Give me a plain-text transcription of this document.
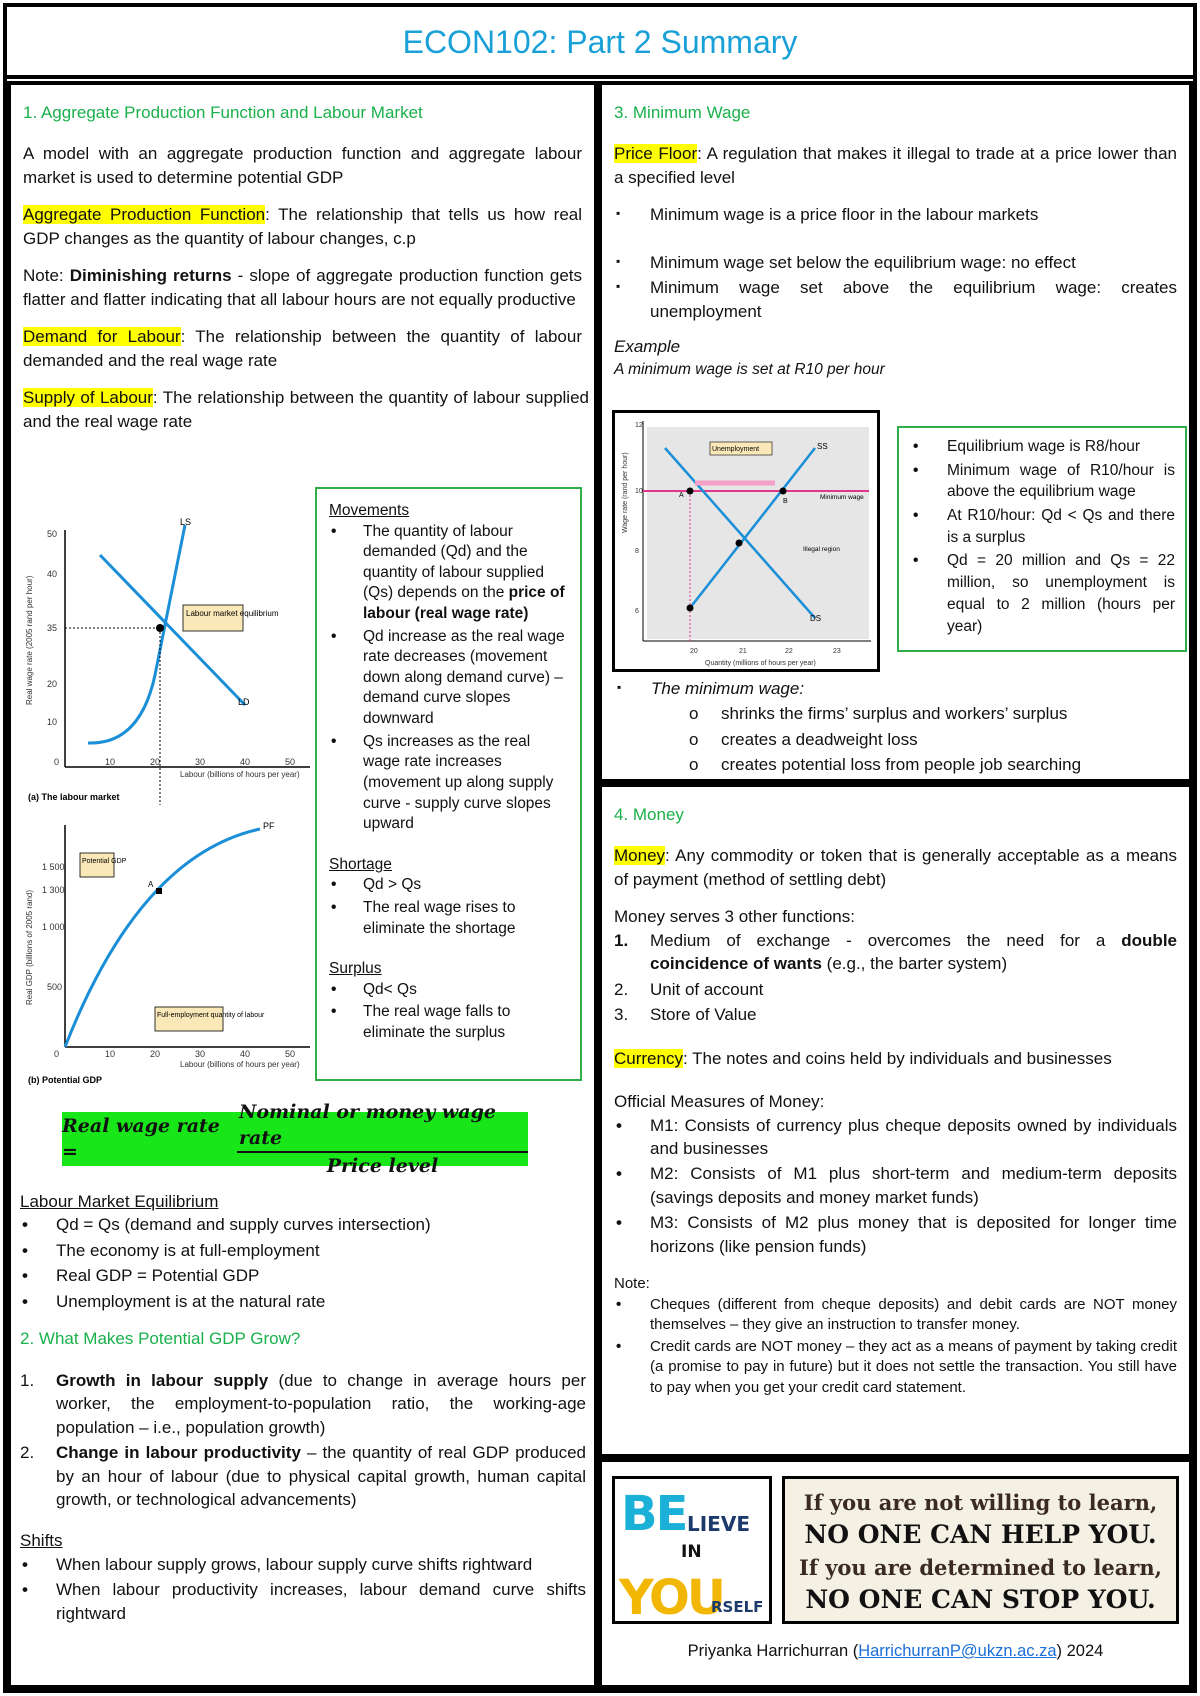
ECON102: Part 2 Summary
1. Aggregate Production Function and Labour Market

A model with an aggregate production function and aggregate labour market is used to determine potential GDP

Aggregate Production Function: The relationship that tells us how real GDP changes as the quantity of labour changes, c.p

Note: Diminishing returns - slope of aggregate production function gets flatter and flatter indicating that all labour hours are not equally productive

Demand for Labour: The relationship between the quantity of labour demanded and the real wage rate

Supply of Labour: The relationship between the quantity of labour supplied and the real wage rate

Real wage rate (2005 rand per hour)
50
40
35
20
10
0	10	20	30	40	50
Labour (billions of hours per year)
LS
LD
Labour market equilibrium
(a) The labour market
Real GDP (billions of 2005 rand)
1 500
1 300
1 000
500
0	10	20	30	40	50
Labour (billions of hours per year)
PF
A
Potential GDP
Full-employment quantity of labour
(b) Potential GDP
Movements
• The quantity of labour demanded (Qd) and the quantity of labour supplied (Qs) depends on the price of labour (real wage rate)
• Qd increase as the real wage rate decreases (movement down along demand curve) – demand curve slopes downward
• Qs increases as the real wage rate increases (movement up along supply curve - supply curve slopes upward
Shortage
• Qd > Qs
• The real wage rises to eliminate the shortage
Surplus
• Qd< Qs
• The real wage falls to eliminate the surplus
Real wage rate =	$\frac{\text{Nominal or money wage rate}}{\text{Price level}}$
Labour Market Equilibrium
• Qd = Qs (demand and supply curves intersection)
• The economy is at full-employment
• Real GDP = Potential GDP
• Unemployment is at the natural rate
2. What Makes Potential GDP Grow?
1. Growth in labour supply (due to change in average hours per worker, the employment-to-population ratio, the working-age population – i.e., population growth)
2. Change in labour productivity – the quantity of real GDP produced by an hour of labour (due to physical capital growth, human capital growth, or technological advancements)
Shifts
• When labour supply grows, labour supply curve shifts rightward
• When labour productivity increases, labour demand curve shifts rightward
3. Minimum Wage

Price Floor: A regulation that makes it illegal to trade at a price lower than a specified level

▪ Minimum wage is a price floor in the labour markets
▪ Minimum wage set below the equilibrium wage: no effect
▪ Minimum wage set above the equilibrium wage: creates unemployment
Example
A minimum wage is set at R10 per hour
Wage rate (rand per hour)
12
10
8
6
20	21	22	23
Quantity (millions of hours per year)
SS
DS
Unemployment
A
B
Minimum wage
Illegal region
• Equilibrium wage is R8/hour
• Minimum wage of R10/hour is above the equilibrium wage
• At R10/hour: Qd < Qs and there is a surplus
• Qd = 20 million and Qs = 22 million, so unemployment is equal to 2 million (hours per year)
▪ The minimum wage:
o shrinks the firms’ surplus and workers’ surplus
o creates a deadweight loss
o creates potential loss from people job searching
4. Money

Money: Any commodity or token that is generally acceptable as a means of payment (method of settling debt)

Money serves 3 other functions:
1. Medium of exchange - overcomes the need for a double coincidence of wants (e.g., the barter system)
2. Unit of account
3. Store of Value

Currency: The notes and coins held by individuals and businesses

Official Measures of Money:
• M1: Consists of currency plus cheque deposits owned by individuals and businesses
• M2: Consists of M1 plus short-term and medium-term deposits (savings deposits and money market funds)
• M3: Consists of M2 plus money that is deposited for longer time horizons (like pension funds)
Note:
• Cheques (different from cheque deposits) and debit cards are NOT money themselves – they give an instruction to transfer money.
• Credit cards are NOT money – they act as a means of payment by taking credit (a promise to pay in future) but it does not settle the transaction. You still have to pay when you get your credit card statement.
BE LIEVE
IN
YOU
RSELF
If you are not willing to learn,
NO ONE CAN HELP YOU.
If you are determined to learn,
NO ONE CAN STOP YOU.
Priyanka Harrichurran (HarrichurranP@ukzn.ac.za) 2024
